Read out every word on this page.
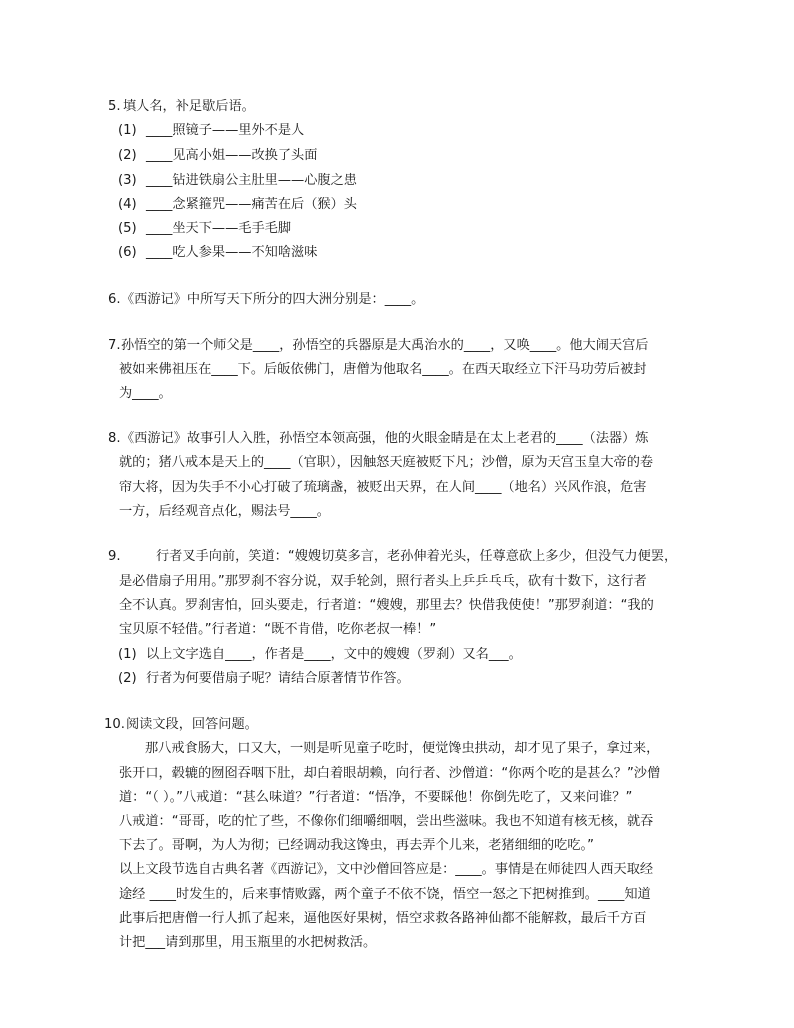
5. 填人名，补足歇后语。
(1) ____照镜子——里外不是人
(2) ____见高小姐——改换了头面
(3) ____钻进铁扇公主肚里——心腹之患
(4) ____念紧箍咒——痛苦在后（猴）头
(5) ____坐天下——毛手毛脚
(6) ____吃人参果——不知啥滋味
6. 《西游记》中所写天下所分的四大洲分别是：____。
7. 孙悟空的第一个师父是____，孙悟空的兵器原是大禹治水的____，又唤____。他大闹天宫后
被如来佛祖压在____下。后皈依佛门，唐僧为他取名____。在西天取经立下汗马功劳后被封
为____。
8. 《西游记》故事引人入胜，孙悟空本领高强，他的火眼金睛是在太上老君的____（法器）炼
就的；猪八戒本是天上的____（官职），因触怒天庭被贬下凡；沙僧，原为天宫玉皇大帝的卷
帘大将，因为失手不小心打破了琉璃盏，被贬出天界，在人间____（地名）兴风作浪，危害
一方，后经观音点化，赐法号____。
9.	行者叉手向前，笑道：“嫂嫂切莫多言，老孙伸着光头，任尊意砍上多少，但没气力便罢，
是必借扇子用用。”那罗刹不容分说，双手轮剑，照行者头上乒乒乓乓，砍有十数下，这行者
全不认真。罗刹害怕，回头要走，行者道：“嫂嫂，那里去？快借我使使！”那罗刹道：“我的
宝贝原不轻借。”行者道：“既不肯借，吃你老叔一棒！”
(1) 以上文字选自____，作者是____，文中的嫂嫂（罗刹）又名___。
(2) 行者为何要借扇子呢？请结合原著情节作答。
10. 阅读文段，回答问题。
那八戒食肠大，口又大，一则是听见童子吃时，便觉馋虫拱动，却才见了果子，拿过来，
张开口，毂辘的囫囵吞咽下肚，却白着眼胡赖，向行者、沙僧道：“你两个吃的是甚么？”沙僧
道：“（ ）。”八戒道：“甚么味道？”行者道：“悟净，不要睬他！你倒先吃了，又来问谁？”
八戒道：“哥哥，吃的忙了些，不像你们细嚼细咽，尝出些滋味。我也不知道有核无核，就吞
下去了。哥啊，为人为彻；已经调动我这馋虫，再去弄个儿来，老猪细细的吃吃。”
以上文段节选自古典名著《西游记》，文中沙僧回答应是：____。事情是在师徒四人西天取经
途经 ____时发生的，后来事情败露，两个童子不依不饶，悟空一怒之下把树推到。____知道
此事后把唐僧一行人抓了起来，逼他医好果树，悟空求救各路神仙都不能解救，最后千方百
计把___请到那里，用玉瓶里的水把树救活。
